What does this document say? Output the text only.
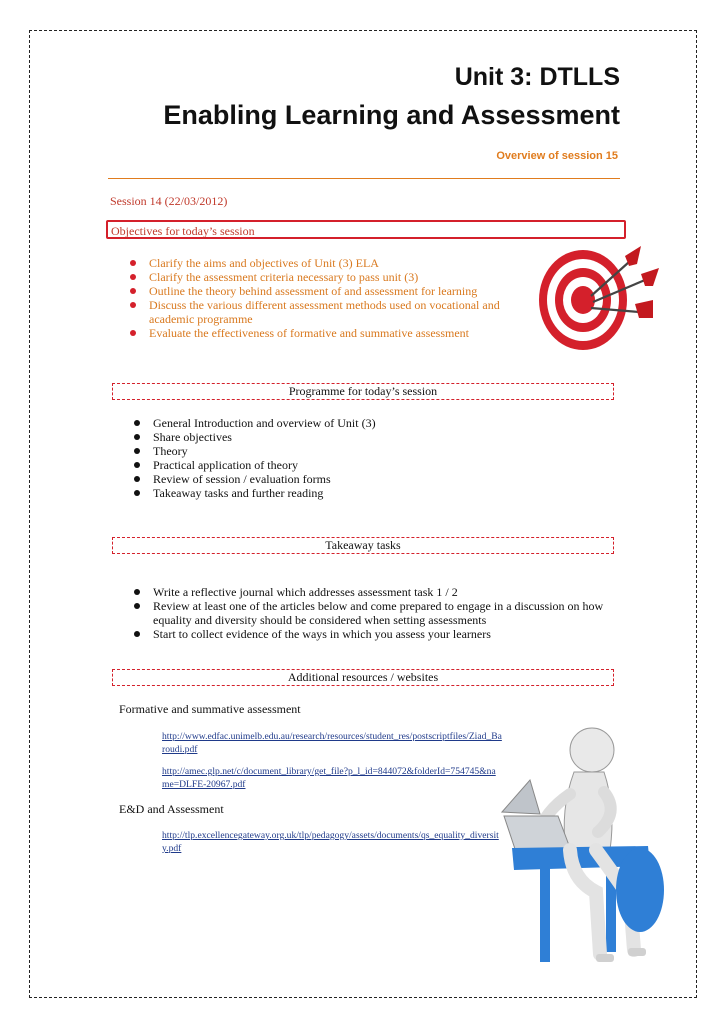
Unit 3: DTLLS
Enabling Learning and Assessment
Overview of session 15
Session 14 (22/03/2012)
Objectives for today’s session
Clarify the aims and objectives of Unit (3) ELA
Clarify the assessment criteria necessary to pass unit (3)
Outline the theory behind assessment of and assessment for learning
Discuss the various different assessment methods used on vocational and academic programme
Evaluate the effectiveness of formative and summative assessment
Programme for today’s session
General Introduction and overview of Unit (3)
Share objectives
Theory
Practical application of theory
Review of session / evaluation forms
Takeaway tasks and further reading
Takeaway tasks
Write a reflective journal which addresses assessment task 1 / 2
Review at least one of the articles below and come prepared to engage in a discussion on how equality and diversity should be considered when setting assessments
Start to collect evidence of the ways in which you assess your learners
Additional resources / websites
Formative and summative assessment
http://www.edfac.unimelb.edu.au/research/resources/student_res/postscriptfiles/Ziad_Baroudi.pdf
http://amec.glp.net/c/document_library/get_file?p_l_id=844072&folderId=754745&name=DLFE-20967.pdf
E&D and Assessment
http://tlp.excellencegateway.org.uk/tlp/pedagogy/assets/documents/qs_equality_diversity.pdf
